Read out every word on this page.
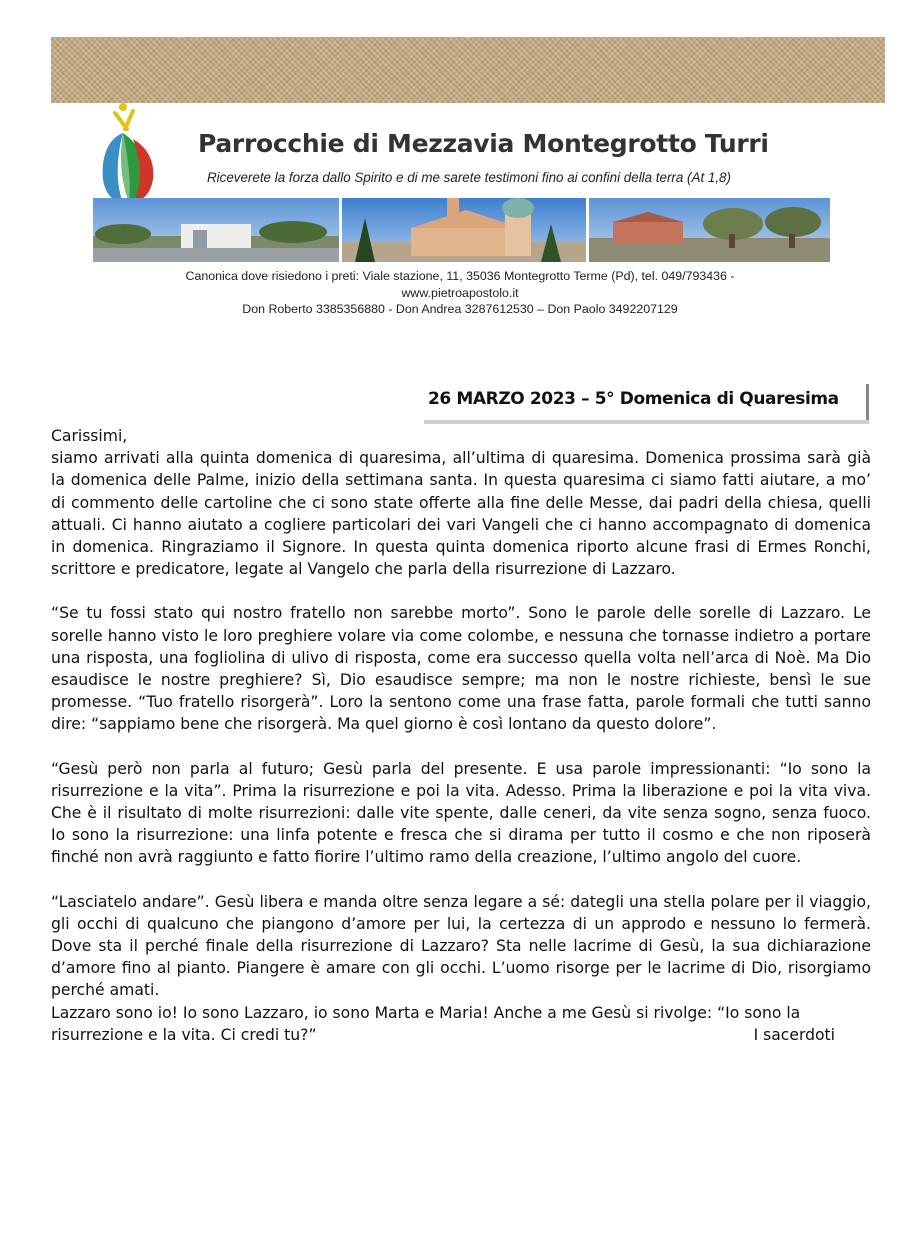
Parrocchie di Mezzavia Montegrotto Turri

Riceverete la forza dallo Spirito e di me sarete testimoni fino ai confini della terra (At 1,8)

Canonica dove risiedono i preti: Viale stazione, 11, 35036 Montegrotto Terme (Pd), tel. 049/793436 -
www.pietroapostolo.it
Don Roberto 3385356880 - Don Andrea 3287612530 – Don Paolo 3492207129
26 MARZO 2023 – 5° Domenica di Quaresima
Carissimi,

siamo arrivati alla quinta domenica di quaresima, all’ultima di quaresima. Domenica prossima sarà già la domenica delle Palme, inizio della settimana santa. In questa quaresima ci siamo fatti aiutare, a mo’ di commento delle cartoline che ci sono state offerte alla fine delle Messe, dai padri della chiesa, quelli attuali. Ci hanno aiutato a cogliere particolari dei vari Vangeli che ci hanno accompagnato di domenica in domenica. Ringraziamo il Signore. In questa quinta domenica riporto alcune frasi di Ermes Ronchi, scrittore e predicatore, legate al Vangelo che parla della risurrezione di Lazzaro.

“Se tu fossi stato qui nostro fratello non sarebbe morto”. Sono le parole delle sorelle di Lazzaro. Le sorelle hanno visto le loro preghiere volare via come colombe, e nessuna che tornasse indietro a portare una risposta, una fogliolina di ulivo di risposta, come era successo quella volta nell’arca di Noè. Ma Dio esaudisce le nostre preghiere? Sì, Dio esaudisce sempre; ma non le nostre richieste, bensì le sue promesse. “Tuo fratello risorgerà”. Loro la sentono come una frase fatta, parole formali che tutti sanno dire: “sappiamo bene che risorgerà. Ma quel giorno è così lontano da questo dolore”.

“Gesù però non parla al futuro; Gesù parla del presente. E usa parole impressionanti: “Io sono la risurrezione e la vita”. Prima la risurrezione e poi la vita. Adesso. Prima la liberazione e poi la vita viva. Che è il risultato di molte risurrezioni: dalle vite spente, dalle ceneri, da vite senza sogno, senza fuoco. Io sono la risurrezione: una linfa potente e fresca che si dirama per tutto il cosmo e che non riposerà finché non avrà raggiunto e fatto fiorire l’ultimo ramo della creazione, l’ultimo angolo del cuore.

“Lasciatelo andare”. Gesù libera e manda oltre senza legare a sé: dategli una stella polare per il viaggio, gli occhi di qualcuno che piangono d’amore per lui, la certezza di un approdo e nessuno lo fermerà. Dove sta il perché finale della risurrezione di Lazzaro? Sta nelle lacrime di Gesù, la sua dichiarazione d’amore fino al pianto. Piangere è amare con gli occhi. L’uomo risorge per le lacrime di Dio, risorgiamo perché amati.

Lazzaro sono io! Io sono Lazzaro, io sono Marta e Maria! Anche a me Gesù si rivolge: “Io sono la risurrezione e la vita. Ci credi tu?”	I sacerdoti
